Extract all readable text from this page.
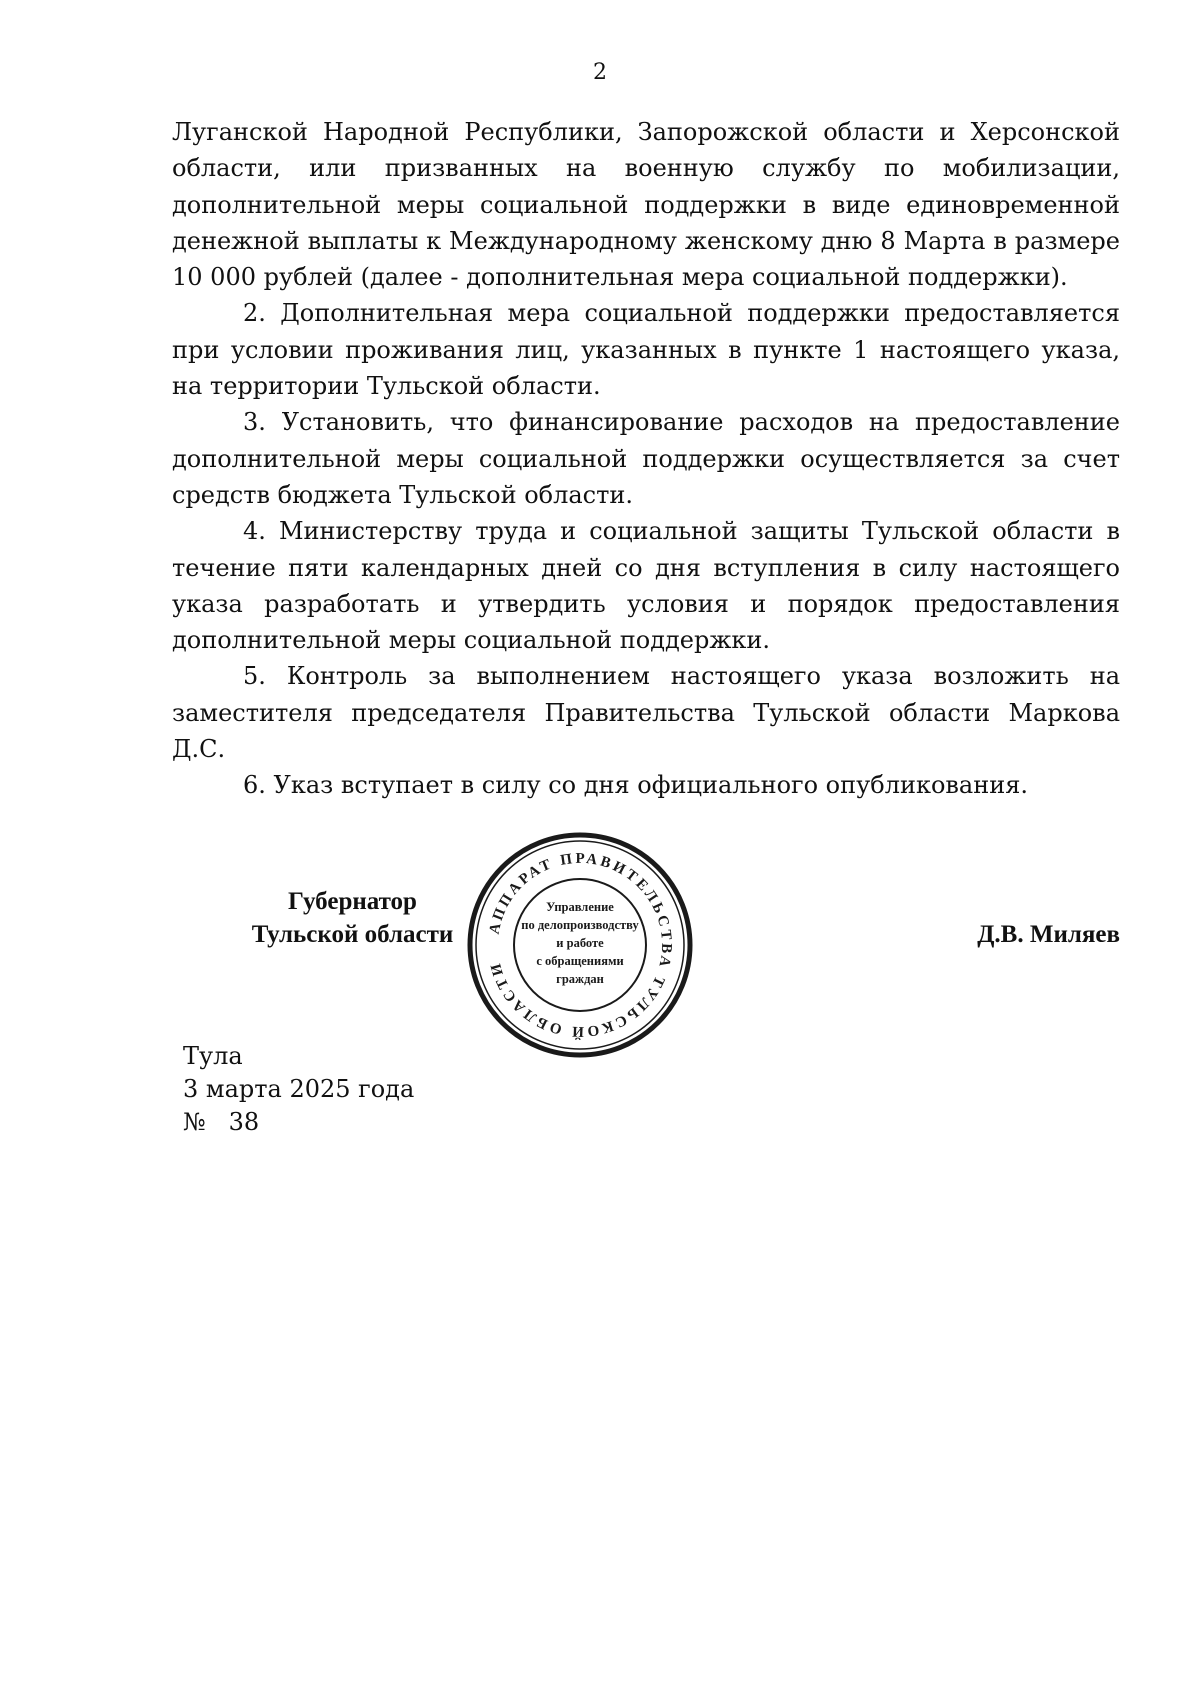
2

Луганской Народной Республики, Запорожской области и Херсонской области, или призванных на военную службу по мобилизации, дополнительной меры социальной поддержки в виде единовременной денежной выплаты к Международному женскому дню 8 Марта в размере 10 000 рублей (далее - дополнительная мера социальной поддержки).

2. Дополнительная мера социальной поддержки предоставляется при условии проживания лиц, указанных в пункте 1 настоящего указа, на территории Тульской области.

3. Установить, что финансирование расходов на предоставление дополнительной меры социальной поддержки осуществляется за счет средств бюджета Тульской области.

4. Министерству труда и социальной защиты Тульской области в течение пяти календарных дней со дня вступления в силу настоящего указа разработать и утвердить условия и порядок предоставления дополнительной меры социальной поддержки.

5. Контроль за выполнением настоящего указа возложить на заместителя председателя Правительства Тульской области Маркова Д.С.

6. Указ вступает в силу со дня официального опубликования.

Губернатор
Тульской области	Д.В. Миляев
АППАРАТ ПРАВИТЕЛЬСТВА ТУЛЬСКОЙ ОБЛАСТИ
Управление
по делопроизводству
и работе
с обращениями
граждан
Тула
3 марта 2025 года
№ 38
